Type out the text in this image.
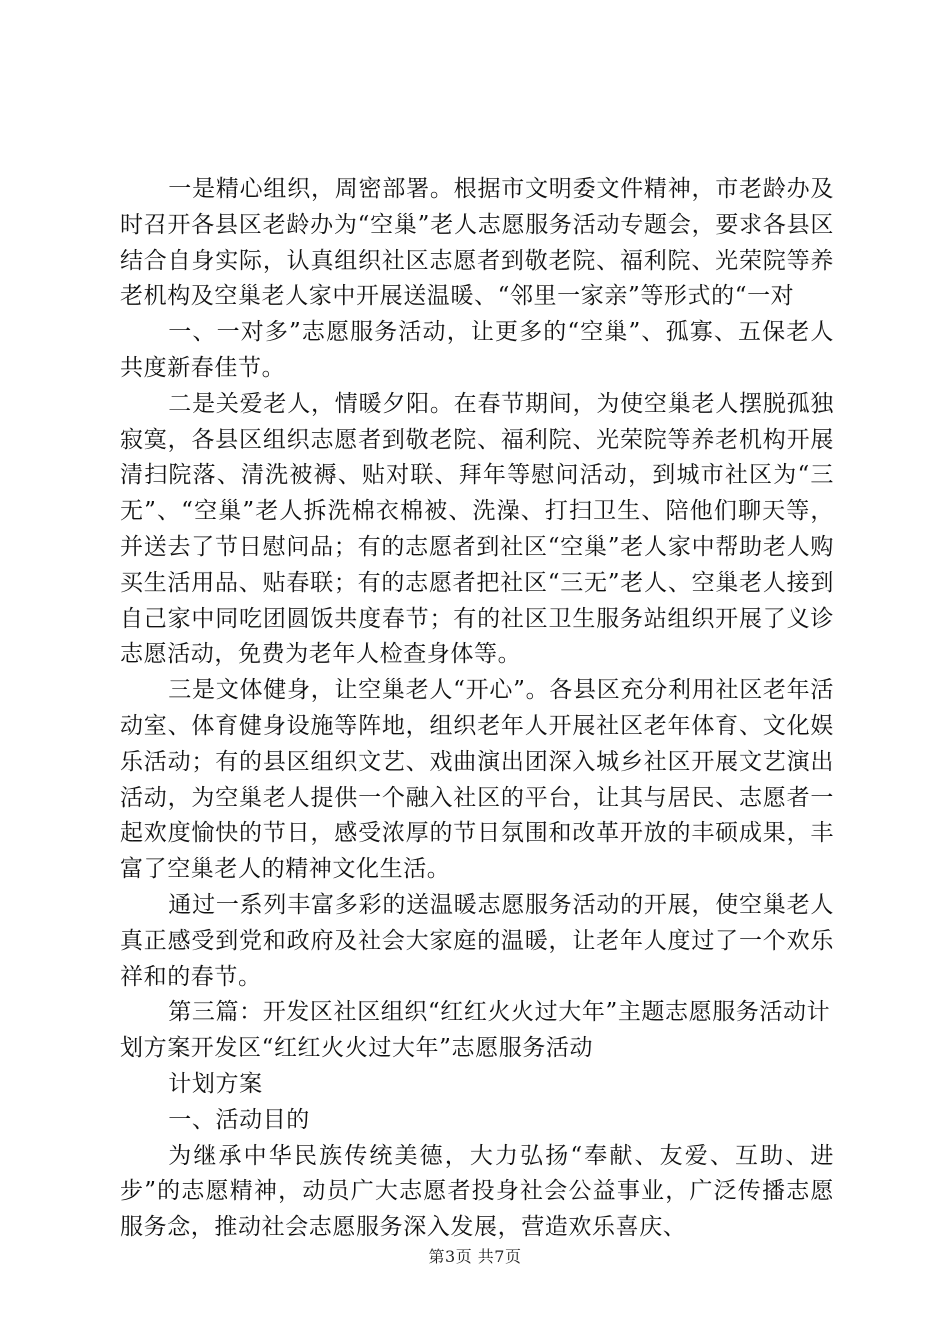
一是精心组织，周密部署。根据市文明委文件精神，市老龄办及时召开各县区老龄办为“空巢”老人志愿服务活动专题会，要求各县区结合自身实际，认真组织社区志愿者到敬老院、福利院、光荣院等养老机构及空巢老人家中开展送温暖、“邻里一家亲”等形式的“一对

一、一对多”志愿服务活动，让更多的“空巢”、孤寡、五保老人共度新春佳节。

二是关爱老人，情暖夕阳。在春节期间，为使空巢老人摆脱孤独寂寞，各县区组织志愿者到敬老院、福利院、光荣院等养老机构开展清扫院落、清洗被褥、贴对联、拜年等慰问活动，到城市社区为“三无”、“空巢”老人拆洗棉衣棉被、洗澡、打扫卫生、陪他们聊天等，并送去了节日慰问品；有的志愿者到社区“空巢”老人家中帮助老人购买生活用品、贴春联；有的志愿者把社区“三无”老人、空巢老人接到自己家中同吃团圆饭共度春节；有的社区卫生服务站组织开展了义诊志愿活动，免费为老年人检查身体等。

三是文体健身，让空巢老人“开心”。各县区充分利用社区老年活动室、体育健身设施等阵地，组织老年人开展社区老年体育、文化娱乐活动；有的县区组织文艺、戏曲演出团深入城乡社区开展文艺演出活动，为空巢老人提供一个融入社区的平台，让其与居民、志愿者一起欢度愉快的节日，感受浓厚的节日氛围和改革开放的丰硕成果，丰富了空巢老人的精神文化生活。

通过一系列丰富多彩的送温暖志愿服务活动的开展，使空巢老人真正感受到党和政府及社会大家庭的温暖，让老年人度过了一个欢乐祥和的春节。

第三篇：开发区社区组织“红红火火过大年”主题志愿服务活动计划方案开发区“红红火火过大年”志愿服务活动

计划方案

一、活动目的

为继承中华民族传统美德，大力弘扬“奉献、友爱、互助、进步”的志愿精神，动员广大志愿者投身社会公益事业，广泛传播志愿服务念，推动社会志愿服务深入发展，营造欢乐喜庆、

第3页 共7页
